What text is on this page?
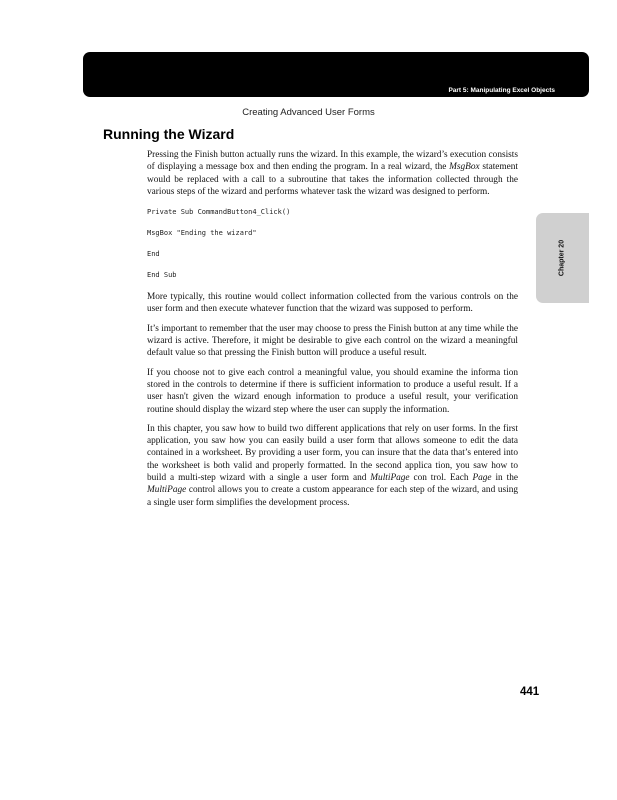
Part 5: Manipulating Excel Objects
Creating Advanced User Forms
Running the Wizard

Pressing the Finish button actually runs the wizard. In this example, the wizard’s execution consists of displaying a message box and then ending the program. In a real wizard, the MsgBox statement would be replaced with a call to a subroutine that takes the information collected through the various steps of the wizard and performs whatever task the wizard was designed to perform.

Private Sub CommandButton4_Click()
MsgBox "Ending the wizard"
End
End Sub

More typically, this routine would collect information collected from the various controls on the user form and then execute whatever function that the wizard was supposed to perform.

It’s important to remember that the user may choose to press the Finish button at any time while the wizard is active. Therefore, it might be desirable to give each control on the wizard a meaningful default value so that pressing the Finish button will produce a useful result.

If you choose not to give each control a meaningful value, you should examine the informa tion stored in the controls to determine if there is sufficient information to produce a useful result. If a user hasn't given the wizard enough information to produce a useful result, your verification routine should display the wizard step where the user can supply the information.

In this chapter, you saw how to build two different applications that rely on user forms. In the first application, you saw how you can easily build a user form that allows someone to edit the data contained in a worksheet. By providing a user form, you can insure that the data that’s entered into the worksheet is both valid and properly formatted. In the second applica tion, you saw how to build a multi-step wizard with a single a user form and MultiPage con trol. Each Page in the MultiPage control allows you to create a custom appearance for each step of the wizard, and using a single user form simplifies the development process.

Chapter 20
441
